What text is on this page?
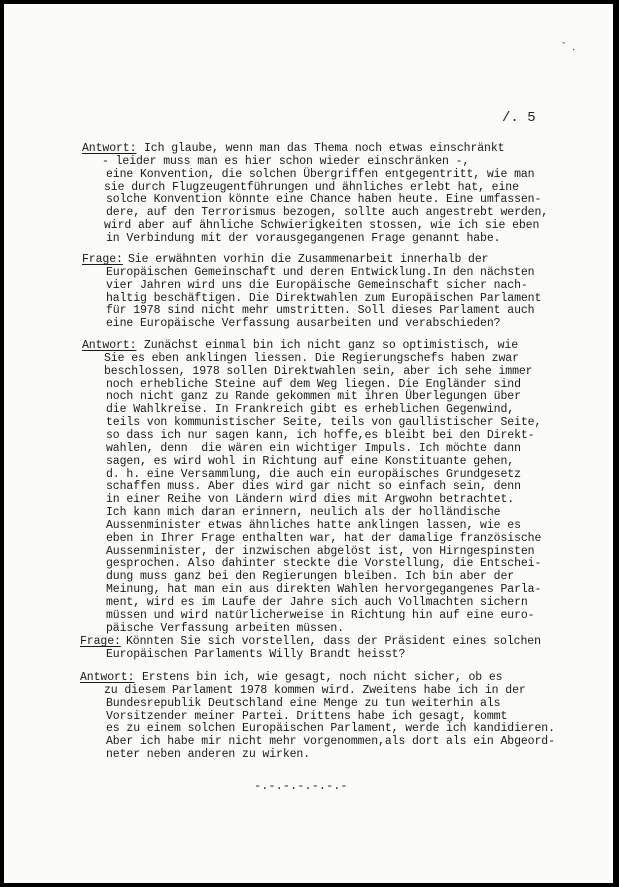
- .
/. 5
Antwort: Ich glaube, wenn man das Thema noch etwas einschränkt
- leider muss man es hier schon wieder einschränken -,
eine Konvention, die solchen Übergriffen entgegentritt, wie man
sie durch Flugzeugentführungen und ähnliches erlebt hat, eine
solche Konvention könnte eine Chance haben heute. Eine umfassen-
dere, auf den Terrorismus bezogen, sollte auch angestrebt werden,
wird aber auf ähnliche Schwierigkeiten stossen, wie ich sie eben
in Verbindung mit der vorausgegangenen Frage genannt habe.
Frage: Sie erwähnten vorhin die Zusammenarbeit innerhalb der
Europäischen Gemeinschaft und deren Entwicklung.In den nächsten
vier Jahren wird uns die Europäische Gemeinschaft sicher nach-
haltig beschäftigen. Die Direktwahlen zum Europäischen Parlament
für 1978 sind nicht mehr umstritten. Soll dieses Parlament auch
eine Europäische Verfassung ausarbeiten und verabschieden?
Antwort: Zunächst einmal bin ich nicht ganz so optimistisch, wie
Sie es eben anklingen liessen. Die Regierungschefs haben zwar
beschlossen, 1978 sollen Direktwahlen sein, aber ich sehe immer
noch erhebliche Steine auf dem Weg liegen. Die Engländer sind
noch nicht ganz zu Rande gekommen mit ihren Überlegungen über
die Wahlkreise. In Frankreich gibt es erheblichen Gegenwind,
teils von kommunistischer Seite, teils von gaullistischer Seite,
so dass ich nur sagen kann, ich hoffe,es bleibt bei den Direkt-
wahlen, denn  die wären ein wichtiger Impuls. Ich möchte dann
sagen, es wird wohl in Richtung auf eine Konstituante gehen,
d. h. eine Versammlung, die auch ein europäisches Grundgesetz
schaffen muss. Aber dies wird gar nicht so einfach sein, denn
in einer Reihe von Ländern wird dies mit Argwohn betrachtet.
Ich kann mich daran erinnern, neulich als der holländische
Aussenminister etwas ähnliches hatte anklingen lassen, wie es
eben in Ihrer Frage enthalten war, hat der damalige französische
Aussenminister, der inzwischen abgelöst ist, von Hirngespinsten
gesprochen. Also dahinter steckte die Vorstellung, die Entschei-
dung muss ganz bei den Regierungen bleiben. Ich bin aber der
Meinung, hat man ein aus direkten Wahlen hervorgegangenes Parla-
ment, wird es im Laufe der Jahre sich auch Vollmachten sichern
müssen und wird natürlicherweise in Richtung hin auf eine euro-
päische Verfassung arbeiten müssen.
Frage: Könnten Sie sich vorstellen, dass der Präsident eines solchen
Europäischen Parlaments Willy Brandt heisst?
Antwort: Erstens bin ich, wie gesagt, noch nicht sicher, ob es
zu diesem Parlament 1978 kommen wird. Zweitens habe ich in der
Bundesrepublik Deutschland eine Menge zu tun weiterhin als
Vorsitzender meiner Partei. Drittens habe ich gesagt, kommt
es zu einem solchen Europäischen Parlament, werde ich kandidieren.
Aber ich habe mir nicht mehr vorgenommen,als dort als ein Abgeord-
neter neben anderen zu wirken.
-.-.-.-.-.-.-
